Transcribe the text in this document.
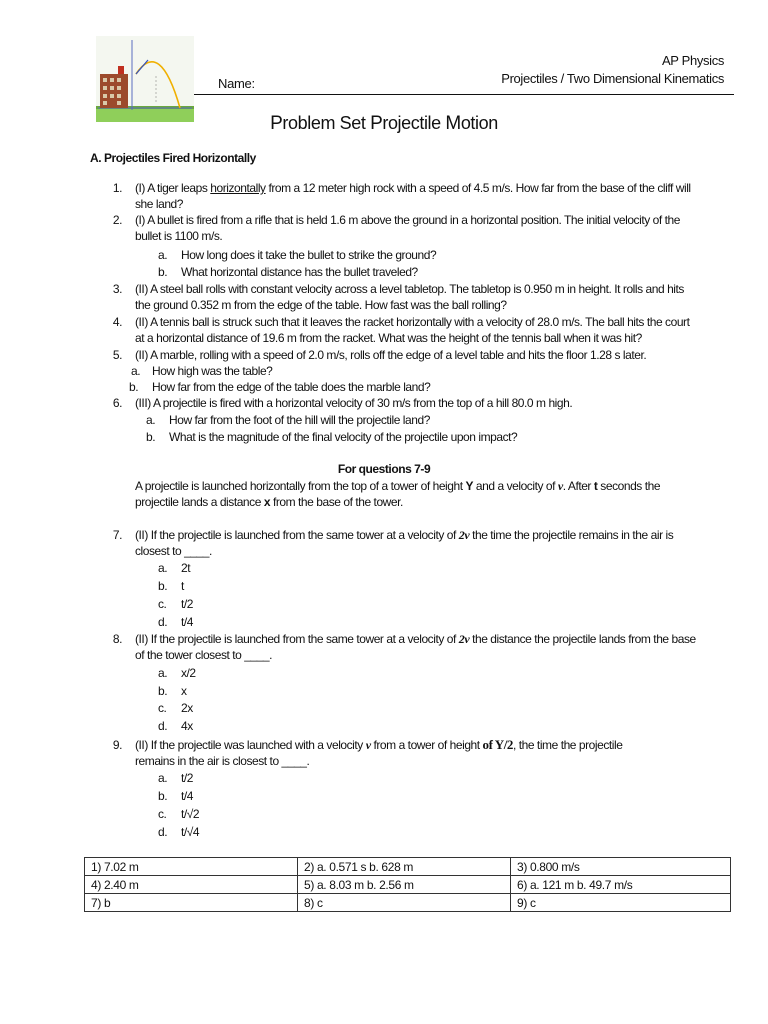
Name:
AP Physics
Projectiles / Two Dimensional Kinematics
Problem Set Projectile Motion
A. Projectiles Fired Horizontally
1. (I) A tiger leaps horizontally from a 12 meter high rock with a speed of 4.5 m/s. How far from the base of the cliff will
she land?
2. (I) A bullet is fired from a rifle that is held 1.6 m above the ground in a horizontal position. The initial velocity of the
bullet is 1100 m/s.
a. How long does it take the bullet to strike the ground?
b. What horizontal distance has the bullet traveled?
3. (II) A steel ball rolls with constant velocity across a level tabletop. The tabletop is 0.950 m in height. It rolls and hits
the ground 0.352 m from the edge of the table. How fast was the ball rolling?
4. (II) A tennis ball is struck such that it leaves the racket horizontally with a velocity of 28.0 m/s. The ball hits the court
at a horizontal distance of 19.6 m from the racket. What was the height of the tennis ball when it was hit?
5. (II) A marble, rolling with a speed of 2.0 m/s, rolls off the edge of a level table and hits the floor 1.28 s later.
a. How high was the table?
b. How far from the edge of the table does the marble land?
6. (III) A projectile is fired with a horizontal velocity of 30 m/s from the top of a hill 80.0 m high.
a. How far from the foot of the hill will the projectile land?
b. What is the magnitude of the final velocity of the projectile upon impact?
For questions 7-9
A projectile is launched horizontally from the top of a tower of height Y and a velocity of v. After t seconds the
projectile lands a distance x from the base of the tower.
7. (II) If the projectile is launched from the same tower at a velocity of 2v the time the projectile remains in the air is
closest to ____.
a. 2t
b. t
c. t/2
d. t/4
8. (II) If the projectile is launched from the same tower at a velocity of 2v the distance the projectile lands from the base
of the tower closest to ____.
a. x/2
b. x
c. 2x
d. 4x
9. (II) If the projectile was launched with a velocity v from a tower of height of Y/2, the time the projectile
remains in the air is closest to ____.
a. t/2
b. t/4
c. t/√2
d. t/√4
1) 7.02 m	2) a. 0.571 s b. 628 m	3) 0.800 m/s
4) 2.40 m	5) a. 8.03 m b. 2.56 m	6) a. 121 m b. 49.7 m/s
7) b	8) c	9) c
